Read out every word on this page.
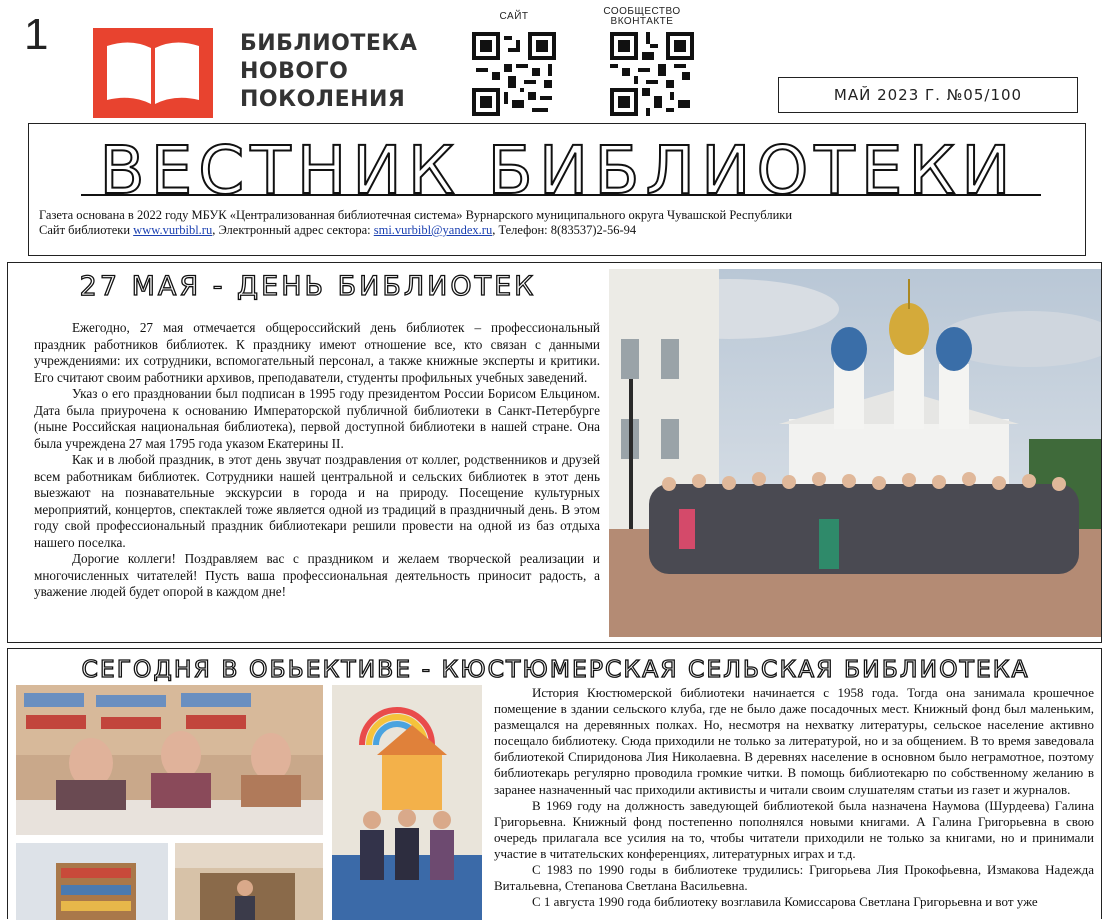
1	БИБЛИОТЕКА
НОВОГО
ПОКОЛЕНИЯ
САЙТ	СООБЩЕСТВО
ВКОНТАКТЕ
МАЙ 2023 Г. №05/100
ВЕСТНИК БИБЛИОТЕКИ
Газета основана в 2022 году МБУК «Централизованная библиотечная система» Вурнарского муниципального округа Чувашской Республики
Сайт библиотеки www.vurbibl.ru, Электронный адрес сектора: smi.vurbibl@yandex.ru, Телефон: 8(83537)2-56-94
27 МАЯ - ДЕНЬ БИБЛИОТЕК

Ежегодно, 27 мая отмечается общероссийский день библиотек – профессиональный праздник работников библиотек. К празднику имеют отношение все, кто связан с данными учреждениями: их сотрудники, вспомогательный персонал, а также книжные эксперты и критики. Его считают своим работники архивов, преподаватели, студенты профильных учебных заведений.

Указ о его праздновании был подписан в 1995 году президентом России Борисом Ельцином. Дата была приурочена к основанию Императорской публичной библиотеки в Санкт-Петербурге (ныне Российская национальная библиотека), первой доступной библиотеки в нашей стране. Она была учреждена 27 мая 1795 года указом Екатерины II.

Как и в любой праздник, в этот день звучат поздравления от коллег, родственников и друзей всем работникам библиотек. Сотрудники нашей центральной и сельских библиотек в этот день выезжают на познавательные экскурсии в города и на природу. Посещение культурных мероприятий, концертов, спектаклей тоже является одной из традиций в праздничный день. В этом году свой профессиональный праздник библиотекари решили провести на одной из баз отдыха нашего поселка.

Дорогие коллеги! Поздравляем вас с праздником и желаем творческой реализации и многочисленных читателей! Пусть ваша профессиональная деятельность приносит радость, а уважение людей будет опорой в каждом дне!

СЕГОДНЯ В ОБЬЕКТИВЕ - КЮСТЮМЕРСКАЯ СЕЛЬСКАЯ БИБЛИОТЕКА

История Кюстюмерской библиотеки начинается с 1958 года. Тогда она занимала крошечное помещение в здании сельского клуба, где не было даже посадочных мест. Книжный фонд был маленьким, размещался на деревянных полках. Но, несмотря на нехватку литературы, сельское население активно посещало библиотеку. Сюда приходили не только за литературой, но и за общением. В то время заведовала библиотекой Спиридонова Лия Николаевна. В деревнях население в основном было неграмотное, поэтому библиотекарь регулярно проводила громкие читки. В помощь библиотекарю по собственному желанию в заранее назначенный час приходили активисты и читали своим слушателям статьи из газет и журналов.

В 1969 году на должность заведующей библиотекой была назначена Наумова (Шурдеева) Галина Григорьевна. Книжный фонд постепенно пополнялся новыми книгами. А Галина Григорьевна в свою очередь прилагала все усилия на то, чтобы читатели приходили не только за книгами, но и принимали участие в читательских конференциях, литературных играх и т.д.

С 1983 по 1990 годы в библиотеке трудились: Григорьева Лия Прокофьевна, Измакова Надежда Витальевна, Степанова Светлана Васильевна.

С 1 августа 1990 года библиотеку возглавила Комиссарова Светлана Григорьевна и вот уже
